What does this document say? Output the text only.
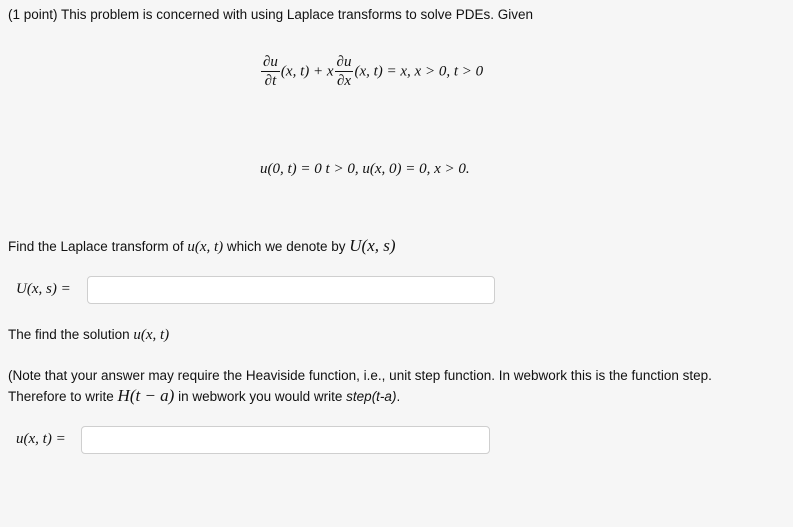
(1 point) This problem is concerned with using Laplace transforms to solve PDEs. Given
$\frac{\partial u}{\partial t} (x$, t) + x $\frac{\partial u}{\partial x} (x$, t) = x, x > 0, t > 0
u(0, t) = 0 t > 0, u(x, 0) = 0, x > 0.
Find the Laplace transform of u(x, t) which we denote by U(x, s)
U(x, s) =
The find the solution u(x, t)
(Note that your answer may require the Heaviside function, i.e., unit step function. In webwork this is the function step.
Therefore to write H(t − a) in webwork you would write step(t-a).
u(x, t) =
